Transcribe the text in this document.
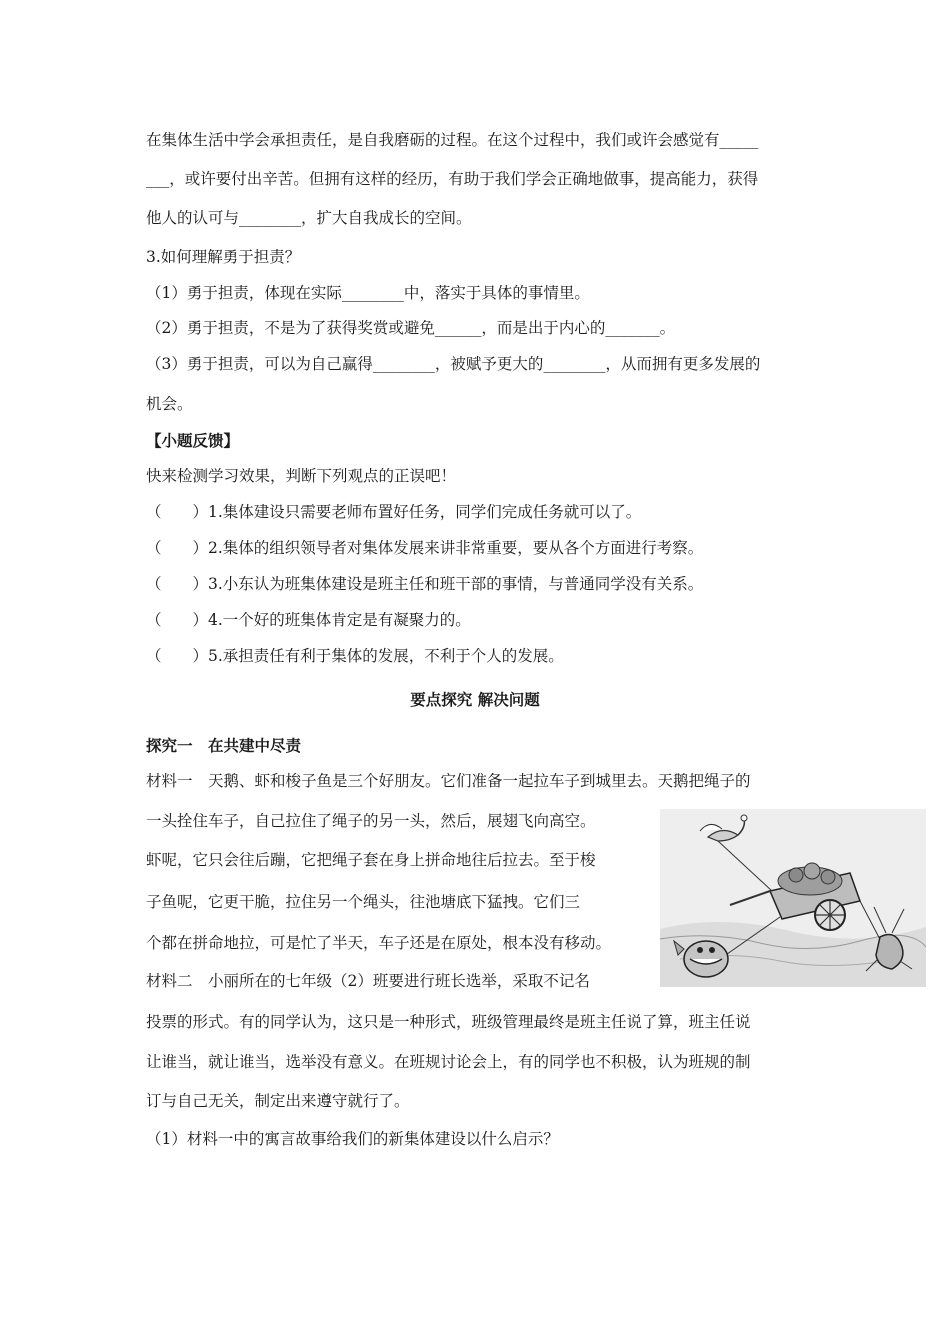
在集体生活中学会承担责任，是自我磨砺的过程。在这个过程中，我们或许会感觉有_____
___，或许要付出辛苦。但拥有这样的经历，有助于我们学会正确地做事，提高能力，获得
他人的认可与________，扩大自我成长的空间。
3.如何理解勇于担责？
（1）勇于担责，体现在实际________中，落实于具体的事情里。
（2）勇于担责，不是为了获得奖赏或避免______，而是出于内心的_______。
（3）勇于担责，可以为自己赢得________，被赋予更大的________，从而拥有更多发展的
机会。
【小题反馈】
快来检测学习效果，判断下列观点的正误吧！
（　　）1.集体建设只需要老师布置好任务，同学们完成任务就可以了。
（　　）2.集体的组织领导者对集体发展来讲非常重要，要从各个方面进行考察。
（　　）3.小东认为班集体建设是班主任和班干部的事情，与普通同学没有关系。
（　　）4.一个好的班集体肯定是有凝聚力的。
（　　）5.承担责任有利于集体的发展，不利于个人的发展。
要点探究 解决问题
探究一　在共建中尽责
材料一　天鹅、虾和梭子鱼是三个好朋友。它们准备一起拉车子到城里去。天鹅把绳子的
一头拴住车子，自己拉住了绳子的另一头，然后，展翅飞向高空。
虾呢，它只会往后蹦，它把绳子套在身上拼命地往后拉去。至于梭
子鱼呢，它更干脆，拉住另一个绳头，往池塘底下猛拽。它们三
个都在拼命地拉，可是忙了半天，车子还是在原处，根本没有移动。
材料二　小丽所在的七年级（2）班要进行班长选举，采取不记名
投票的形式。有的同学认为，这只是一种形式，班级管理最终是班主任说了算，班主任说
让谁当，就让谁当，选举没有意义。在班规讨论会上，有的同学也不积极，认为班规的制
订与自己无关，制定出来遵守就行了。
（1）材料一中的寓言故事给我们的新集体建设以什么启示？
